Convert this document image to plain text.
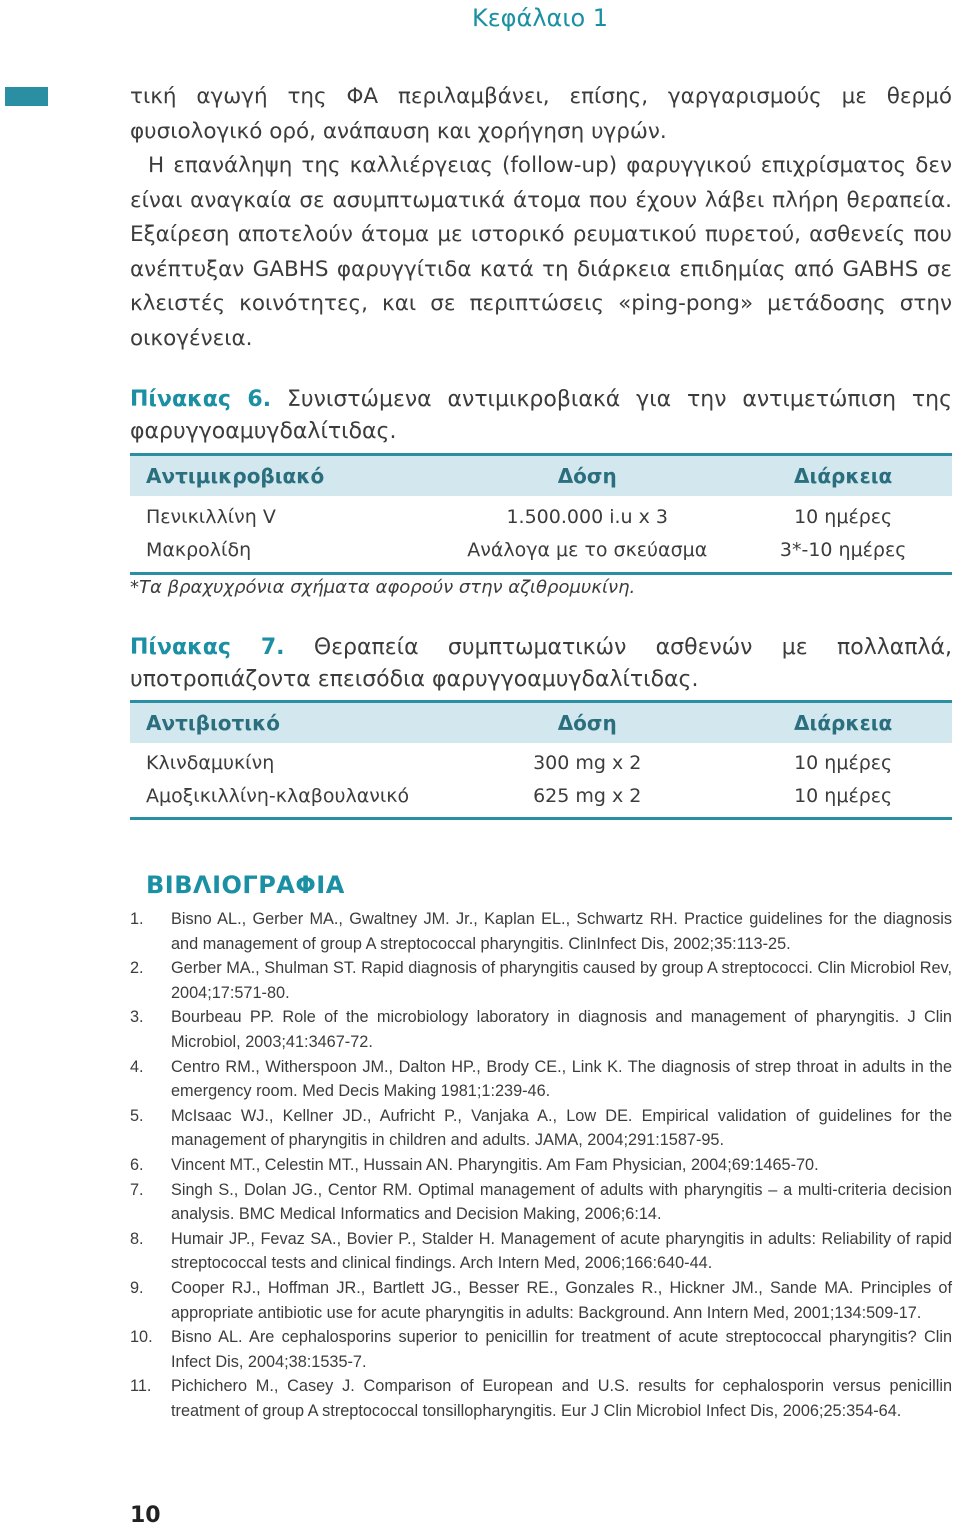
Κεφάλαιο 1

τική αγωγή της ΦΑ περιλαμβάνει, επίσης, γαργαρισμούς με θερμό φυσιολογικό ορό, ανάπαυση και χορήγηση υγρών.

Η επανάληψη της καλλιέργειας (follow-up) φαρυγγικού επιχρίσματος δεν είναι αναγκαία σε ασυμπτωματικά άτομα που έχουν λάβει πλήρη θεραπεία. Εξαίρεση αποτελούν άτομα με ιστορικό ρευματικού πυρετού, ασθενείς που ανέπτυξαν GABHS φαρυγγίτιδα κατά τη διάρκεια επιδημίας από GABHS σε κλειστές κοινότητες, και σε περιπτώσεις «ping-pong» μετάδοσης στην οικογένεια.

Πίνακας 6. Συνιστώμενα αντιμικροβιακά για την αντιμετώπιση της φαρυγγοαμυγδαλίτιδας.
Αντιμικροβιακό	Δόση	Διάρκεια
Πενικιλλίνη V	1.500.000 i.u x 3	10 ημέρες
Μακρολίδη	Ανάλογα με το σκεύασμα	3*-10 ημέρες
*Τα βραχυχρόνια σχήματα αφορούν στην αζιθρομυκίνη.
Πίνακας 7. Θεραπεία συμπτωματικών ασθενών με πολλαπλά, υποτροπιάζοντα επεισόδια φαρυγγοαμυγδαλίτιδας.
Αντιβιοτικό	Δόση	Διάρκεια
Κλινδαμυκίνη	300 mg x 2	10 ημέρες
Αμοξικιλλίνη-κλαβουλανικό	625 mg x 2	10 ημέρες
ΒΙΒΛΙΟΓΡΑΦΙΑ
1. Bisno AL., Gerber MA., Gwaltney JM. Jr., Kaplan EL., Schwartz RH. Practice guidelines for the diagnosis and management of group A streptococcal pharyngitis. ClinInfect Dis, 2002;35:113-25.
2. Gerber MA., Shulman ST. Rapid diagnosis of pharyngitis caused by group A streptococci. Clin Microbiol Rev, 2004;17:571-80.
3. Bourbeau PP. Role of the microbiology laboratory in diagnosis and management of pharyngitis. J Clin Microbiol, 2003;41:3467-72.
4. Centro RM., Witherspoon JM., Dalton HP., Brody CE., Link K. The diagnosis of strep throat in adults in the emergency room. Med Decis Making 1981;1:239-46.
5. McIsaac WJ., Kellner JD., Aufricht P., Vanjaka A., Low DE. Empirical validation of guidelines for the management of pharyngitis in children and adults. JAMA, 2004;291:1587-95.
6. Vincent MT., Celestin MT., Hussain AN. Pharyngitis. Am Fam Physician, 2004;69:1465-70.
7. Singh S., Dolan JG., Centor RM. Optimal management of adults with pharyngitis – a multi-criteria decision analysis. BMC Medical Informatics and Decision Making, 2006;6:14.
8. Humair JP., Fevaz SA., Bovier P., Stalder H. Management of acute pharyngitis in adults: Reliability of rapid streptococcal tests and clinical findings. Arch Intern Med, 2006;166:640-44.
9. Cooper RJ., Hoffman JR., Bartlett JG., Besser RE., Gonzales R., Hickner JM., Sande MA. Principles of appropriate antibiotic use for acute pharyngitis in adults: Background. Ann Intern Med, 2001;134:509-17.
10. Bisno AL. Are cephalosporins superior to penicillin for treatment of acute streptococcal pharyngitis? Clin Infect Dis, 2004;38:1535-7.
11. Pichichero M., Casey J. Comparison of European and U.S. results for cephalosporin versus penicillin treatment of group A streptococcal tonsillopharyngitis. Eur J Clin Microbiol Infect Dis, 2006;25:354-64.
10
